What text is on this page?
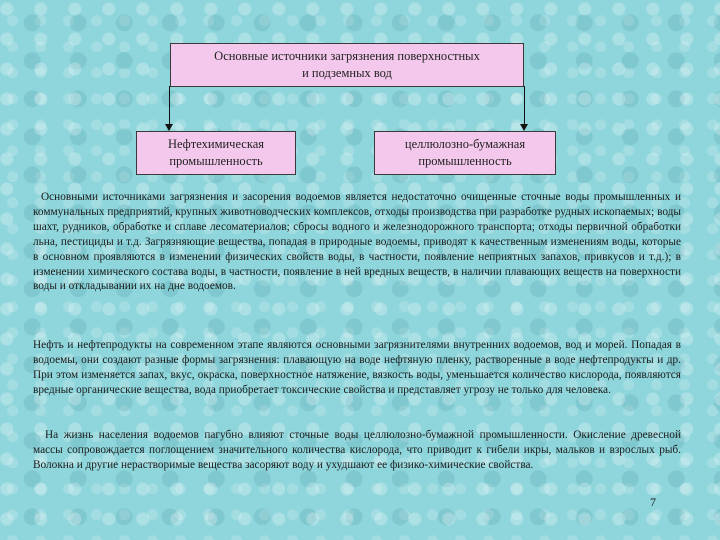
Основные источники загрязнения поверхностных
и подземных вод
Нефтехимическая
промышленность
целлюлозно-бумажная
промышленность

Основными источниками загрязнения и засорения водоемов является недостаточно очищенные сточные воды промышленных и коммунальных предприятий, крупных животноводческих комплексов, отходы производства при разработке рудных ископаемых; воды шахт, рудников, обработке и сплаве лесоматериалов; сбросы водного и железнодорожного транспорта; отходы первичной обработки льна, пестициды и т.д. Загрязняющие вещества, попадая в природные водоемы, приводят к качественным изменениям воды, которые в основном проявляются в изменении физических свойств воды, в частности, появление неприятных запахов, привкусов и т.д.); в изменении химического состава воды, в частности, появление в ней вредных веществ, в наличии плавающих веществ на поверхности воды и откладывании их на дне водоемов.

Нефть и нефтепродукты на современном этапе являются основными загрязнителями внутренних водоемов, вод и морей. Попадая в водоемы, они создают разные формы загрязнения: плавающую на воде нефтяную пленку, растворенные в воде нефтепродукты и др. При этом изменяется запах, вкус, окраска, поверхностное натяжение, вязкость воды, уменьшается количество кислорода, появляются вредные органические вещества, вода приобретает токсические свойства и представляет угрозу не только для человека.

На жизнь населения водоемов пагубно влияют сточные воды целлюлозно-бумажной промышленности. Окисление древесной массы сопровождается поглощением значительного количества кислорода, что приводит к гибели икры, мальков и взрослых рыб. Волокна и другие нерастворимые вещества засоряют воду и ухудшают ее физико-химические свойства.

7
